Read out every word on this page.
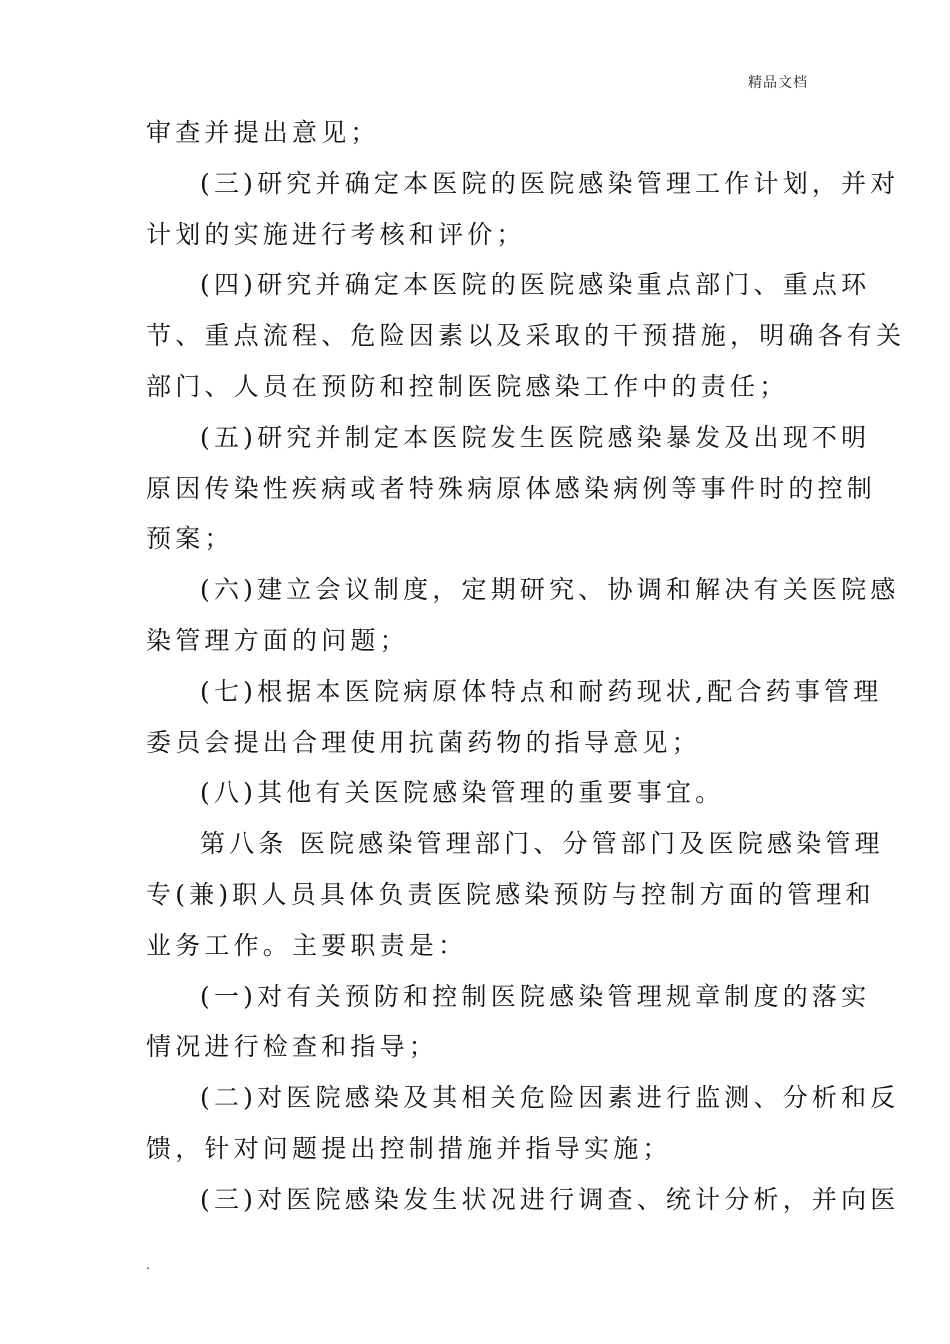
精品文档
审查并提出意见；
(三)研究并确定本医院的医院感染管理工作计划，并对
计划的实施进行考核和评价；
(四)研究并确定本医院的医院感染重点部门、重点环
节、重点流程、危险因素以及采取的干预措施，明确各有关
部门、人员在预防和控制医院感染工作中的责任；
(五)研究并制定本医院发生医院感染暴发及出现不明
原因传染性疾病或者特殊病原体感染病例等事件时的控制
预案；
(六)建立会议制度，定期研究、协调和解决有关医院感
染管理方面的问题；
(七)根据本医院病原体特点和耐药现状,配合药事管理
委员会提出合理使用抗菌药物的指导意见；
(八)其他有关医院感染管理的重要事宜。
第八条 医院感染管理部门、分管部门及医院感染管理
专(兼)职人员具体负责医院感染预防与控制方面的管理和
业务工作。主要职责是：
(一)对有关预防和控制医院感染管理规章制度的落实
情况进行检查和指导；
(二)对医院感染及其相关危险因素进行监测、分析和反
馈，针对问题提出控制措施并指导实施；
(三)对医院感染发生状况进行调查、统计分析，并向医
.
